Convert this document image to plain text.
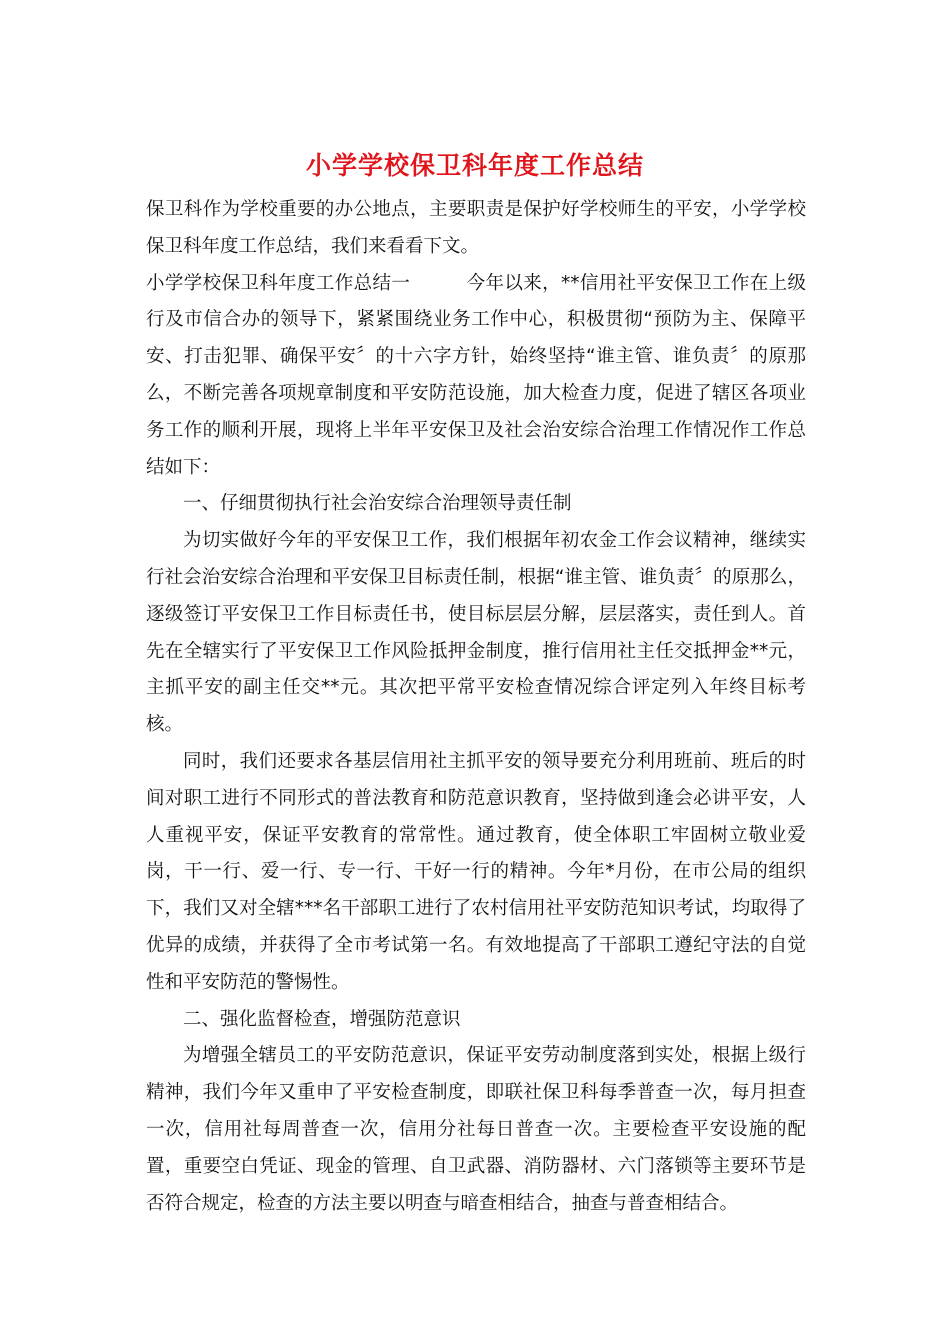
小学学校保卫科年度工作总结

保卫科作为学校重要的办公地点，主要职责是保护好学校师生的平安，小学学校保卫科年度工作总结，我们来看看下文。

小学学校保卫科年度工作总结一	今年以来，**信用社平安保卫工作在上级行及市信合办的领导下，紧紧围绕业务工作中心，积极贯彻“预防为主、保障平安、打击犯罪、确保平安〞的十六字方针，始终坚持“谁主管、谁负责〞的原那么，不断完善各项规章制度和平安防范设施，加大检查力度，促进了辖区各项业务工作的顺利开展，现将上半年平安保卫及社会治安综合治理工作情况作工作总结如下：

一、仔细贯彻执行社会治安综合治理领导责任制

为切实做好今年的平安保卫工作，我们根据年初农金工作会议精神，继续实行社会治安综合治理和平安保卫目标责任制，根据“谁主管、谁负责〞的原那么，逐级签订平安保卫工作目标责任书，使目标层层分解，层层落实，责任到人。首先在全辖实行了平安保卫工作风险抵押金制度，推行信用社主任交抵押金**元，主抓平安的副主任交**元。其次把平常平安检查情况综合评定列入年终目标考核。

同时，我们还要求各基层信用社主抓平安的领导要充分利用班前、班后的时间对职工进行不同形式的普法教育和防范意识教育，坚持做到逢会必讲平安，人人重视平安，保证平安教育的常常性。通过教育，使全体职工牢固树立敬业爱岗，干一行、爱一行、专一行、干好一行的精神。今年*月份，在市公局的组织下，我们又对全辖***名干部职工进行了农村信用社平安防范知识考试，均取得了优异的成绩，并获得了全市考试第一名。有效地提高了干部职工遵纪守法的自觉性和平安防范的警惕性。

二、强化监督检查，增强防范意识

为增强全辖员工的平安防范意识，保证平安劳动制度落到实处，根据上级行精神，我们今年又重申了平安检查制度，即联社保卫科每季普查一次，每月担查一次，信用社每周普查一次，信用分社每日普查一次。主要检查平安设施的配置，重要空白凭证、现金的管理、自卫武器、消防器材、六门落锁等主要环节是否符合规定，检查的方法主要以明查与暗查相结合，抽查与普查相结合。
